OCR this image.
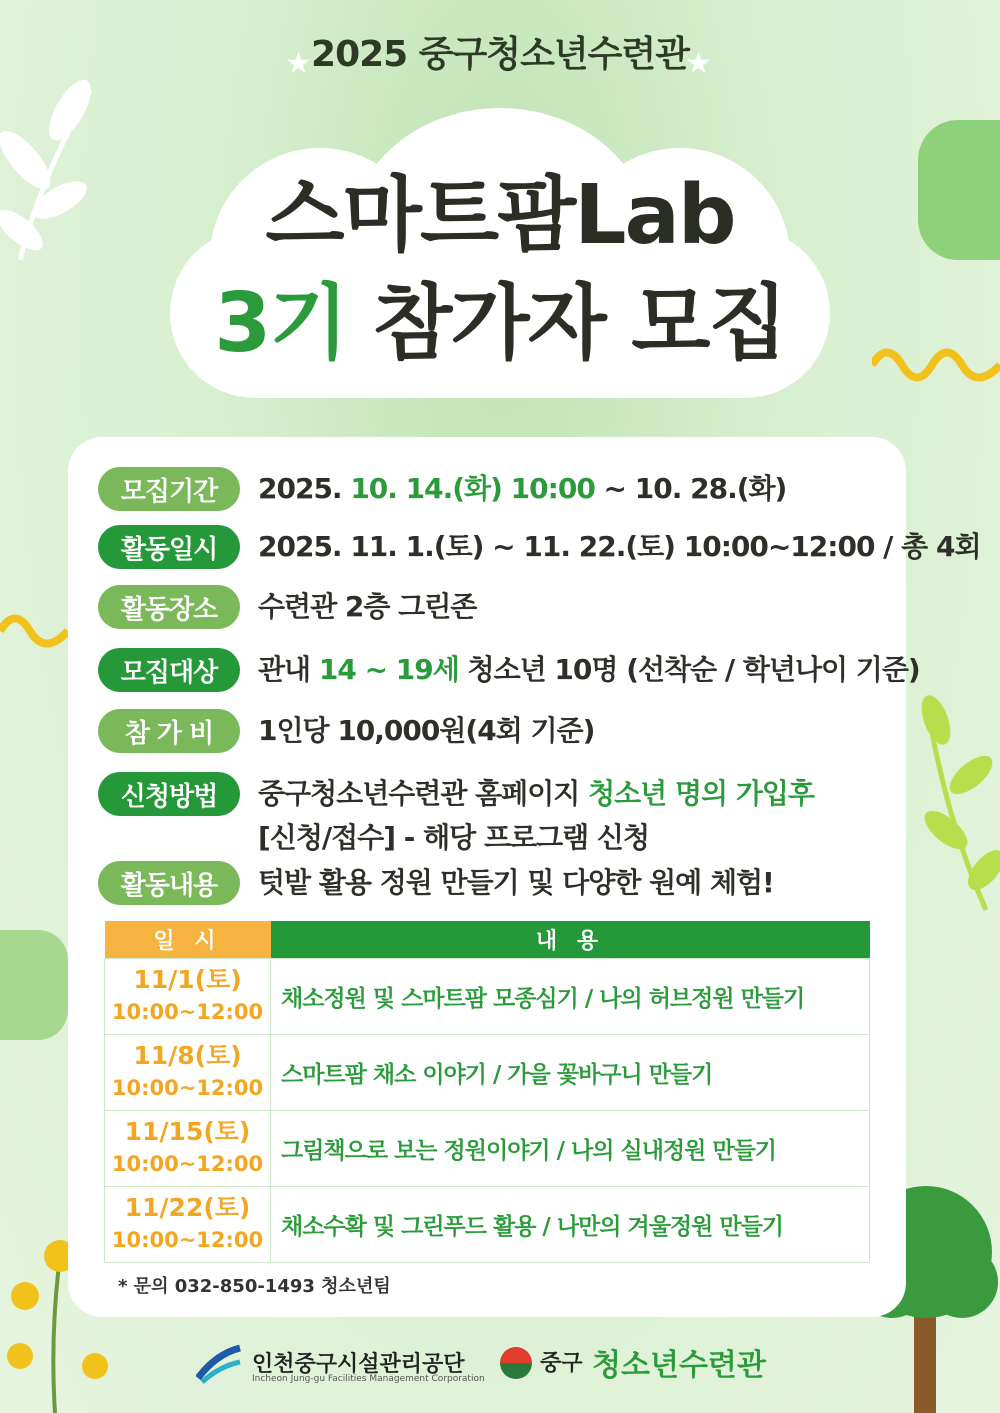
★	★
2025 중구청소년수련관
스마트팜Lab
3기 참가자 모집
모집기간	2025. 10. 14.(화) 10:00 ~ 10. 28.(화)
활동일시	2025. 11. 1.(토) ~ 11. 22.(토) 10:00~12:00 / 총 4회
활동장소	수련관 2층 그린존
모집대상	관내 14 ~ 19세 청소년 10명 (선착순 / 학년나이 기준)
참 가 비	1인당 10,000원(4회 기준)
신청방법	중구청소년수련관 홈페이지 청소년 명의 가입후
[신청/접수] - 해당 프로그램 신청
활동내용	텃밭 활용 정원 만들기 및 다양한 원예 체험!
일 시	내 용

11/1(토)
10:00~12:00	채소정원 및 스마트팜 모종심기 / 나의 허브정원 만들기

11/8(토)
10:00~12:00	스마트팜 채소 이야기 / 가을 꽃바구니 만들기

11/15(토)
10:00~12:00	그림책으로 보는 정원이야기 / 나의 실내정원 만들기

11/22(토)
10:00~12:00	채소수확 및 그린푸드 활용 / 나만의 겨울정원 만들기
* 문의 032-850-1493 청소년팀
인천중구시설관리공단
Incheon Jung-gu Facilities Management Corporation
중구 청소년수련관
